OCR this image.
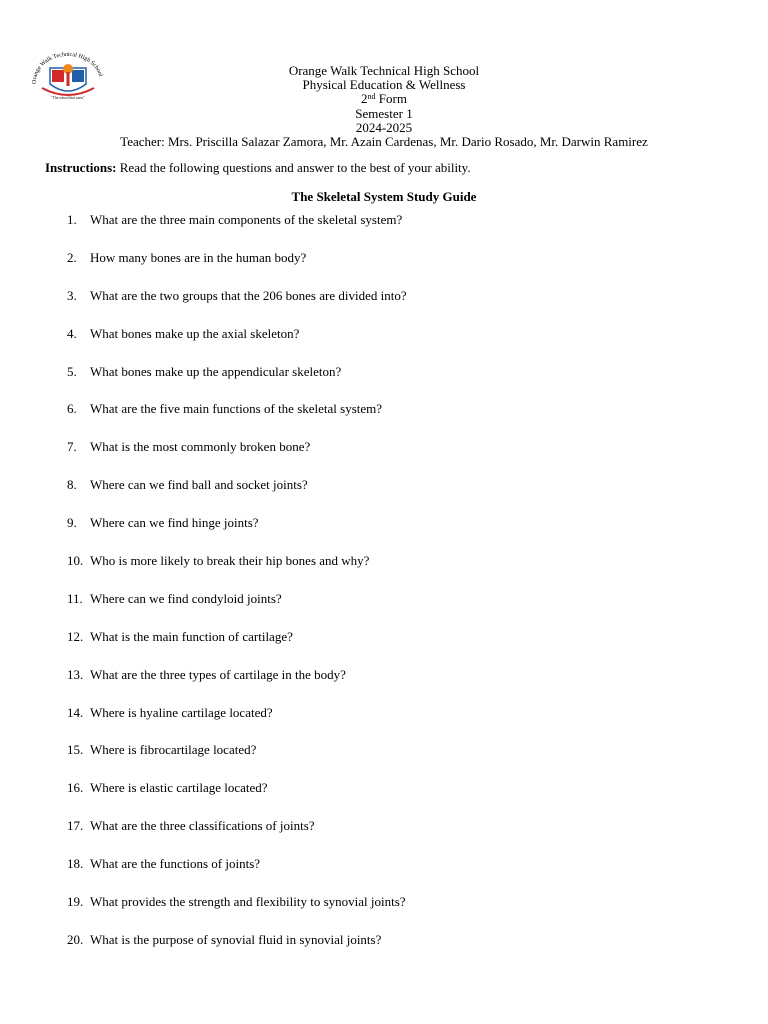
Orange Walk Technical High School
"The school that cares"
Orange Walk Technical High School
Physical Education & Wellness
2nd Form
Semester 1
2024-2025
Teacher: Mrs. Priscilla Salazar Zamora, Mr. Azain Cardenas, Mr. Dario Rosado, Mr. Darwin Ramirez
Instructions: Read the following questions and answer to the best of your ability.
The Skeletal System Study Guide
1. What are the three main components of the skeletal system?
2. How many bones are in the human body?
3. What are the two groups that the 206 bones are divided into?
4. What bones make up the axial skeleton?
5. What bones make up the appendicular skeleton?
6. What are the five main functions of the skeletal system?
7. What is the most commonly broken bone?
8. Where can we find ball and socket joints?
9. Where can we find hinge joints?
10. Who is more likely to break their hip bones and why?
11. Where can we find condyloid joints?
12. What is the main function of cartilage?
13. What are the three types of cartilage in the body?
14. Where is hyaline cartilage located?
15. Where is fibrocartilage located?
16. Where is elastic cartilage located?
17. What are the three classifications of joints?
18. What are the functions of joints?
19. What provides the strength and flexibility to synovial joints?
20. What is the purpose of synovial fluid in synovial joints?
